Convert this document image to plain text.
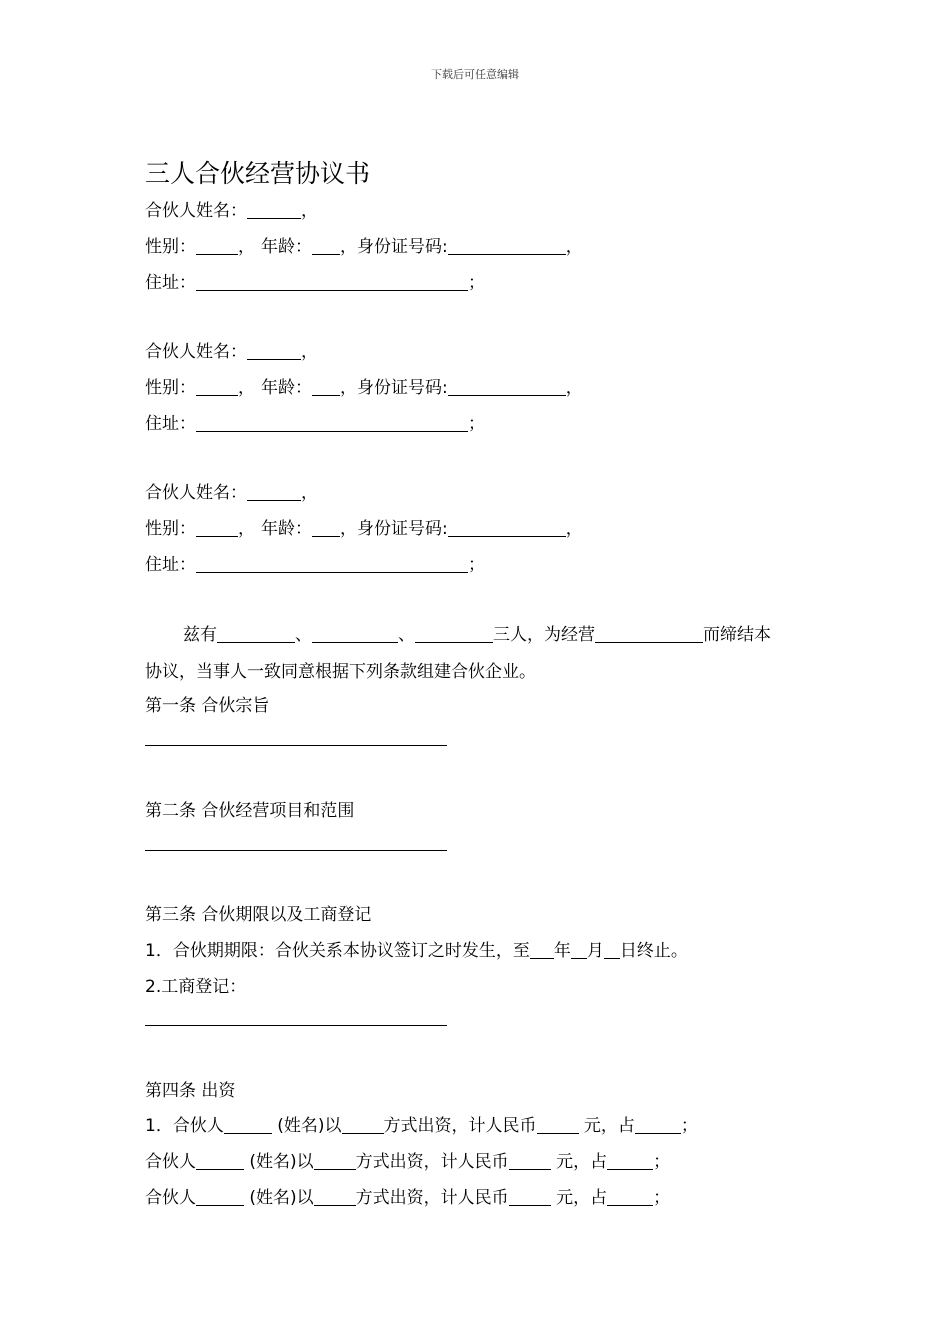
下载后可任意编辑
三人合伙经营协议书
合伙人姓名：	，
性别： ， 年龄： ，身份证号码:	，
住址：	；
合伙人姓名：	，
性别： ， 年龄： ，身份证号码:	，
住址：	；
合伙人姓名：	，
性别： ， 年龄： ，身份证号码:	，
住址：	；
兹有	、	、	三人，为经营	而缔结本
协议，当事人一致同意根据下列条款组建合伙企业。
第一条 合伙宗旨
第二条 合伙经营项目和范围
第三条 合伙期限以及工商登记
1．合伙期期限：合伙关系本协议签订之时发生，至 年 月 日终止。
2.工商登记：
第四条 出资
1．合伙人	(姓名)以 方式出资，计人民币 元，占	；
合伙人	(姓名)以 方式出资，计人民币 元，占	；
合伙人	(姓名)以 方式出资，计人民币 元，占	；
